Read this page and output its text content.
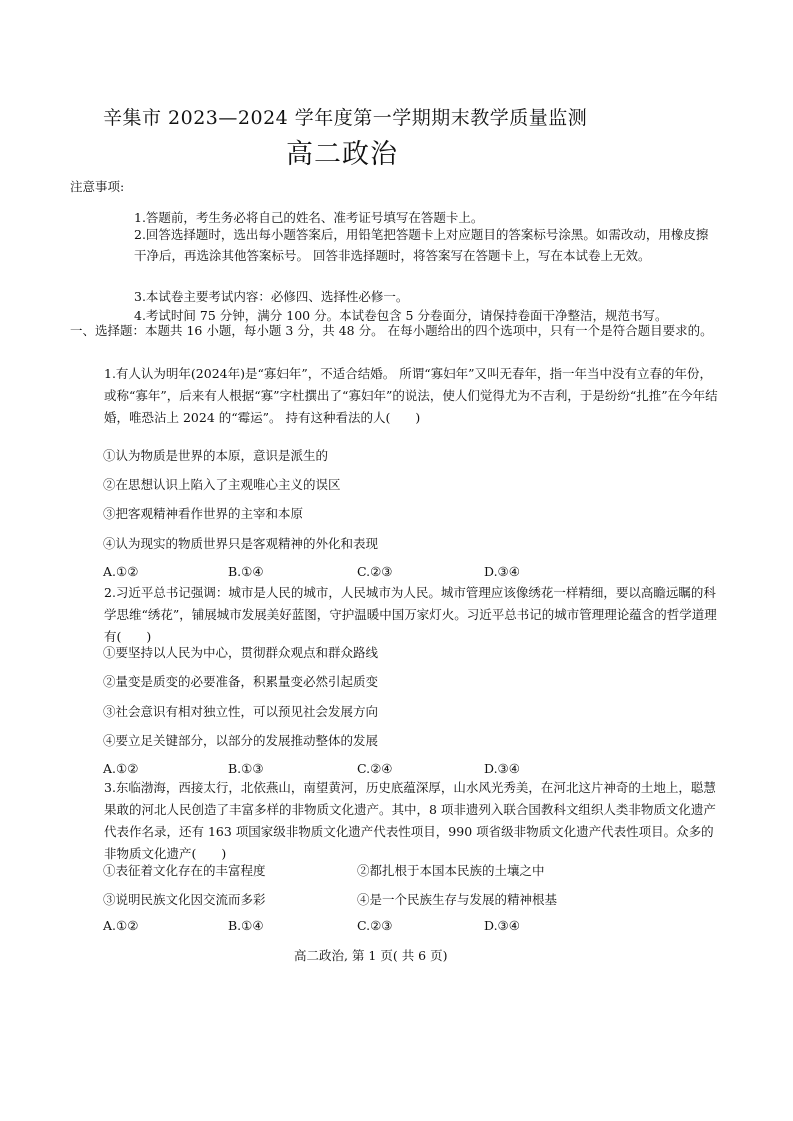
辛集市 2023—2024 学年度第一学期期末教学质量监测
高二政治
注意事项:
1.答题前，考生务必将自己的姓名、准考证号填写在答题卡上。
2.回答选择题时，选出每小题答案后，用铅笔把答题卡上对应题目的答案标号涂黑。如需改动，用橡皮擦干净后，再选涂其他答案标号。 回答非选择题时，将答案写在答题卡上，写在本试卷上无效。
3.本试卷主要考试内容：必修四、选择性必修一。
4.考试时间 75 分钟，满分 100 分。本试卷包含 5 分卷面分，请保持卷面干净整洁，规范书写。
一、选择题：本题共 16 小题，每小题 3 分，共 48 分。 在每小题给出的四个选项中，只有一个是符合题目要求的。
1.有人认为明年(2024年)是“寡妇年”，不适合结婚。 所谓“寡妇年”又叫无春年，指一年当中没有立春的年份，或称“寡年”，后来有人根据“寡”字杜撰出了“寡妇年”的说法，使人们觉得尤为不吉利，于是纷纷“扎推”在今年结婚，唯恐沾上 2024 的“霉运”。 持有这种看法的人(　　)
①认为物质是世界的本原，意识是派生的
②在思想认识上陷入了主观唯心主义的误区
③把客观精神看作世界的主宰和本原
④认为现实的物质世界只是客观精神的外化和表现
A.①②	B.①④	C.②③	D.③④
2.习近平总书记强调：城市是人民的城市，人民城市为人民。城市管理应该像绣花一样精细，要以高瞻远瞩的科学思维“绣花”，铺展城市发展美好蓝图，守护温暖中国万家灯火。习近平总书记的城市管理理论蕴含的哲学道理有(　　)
①要坚持以人民为中心，贯彻群众观点和群众路线
②量变是质变的必要准备，积累量变必然引起质变
③社会意识有相对独立性，可以预见社会发展方向
④要立足关键部分，以部分的发展推动整体的发展
A.①②	B.①③	C.②④	D.③④
3.东临渤海，西接太行，北依燕山，南望黄河，历史底蕴深厚，山水风光秀美，在河北这片神奇的土地上，聪慧果敢的河北人民创造了丰富多样的非物质文化遗产。其中，8 项非遗列入联合国教科文组织人类非物质文化遗产代表作名录，还有 163 项国家级非物质文化遗产代表性项目，990 项省级非物质文化遗产代表性项目。众多的非物质文化遗产(　　)
①表征着文化存在的丰富程度	②都扎根于本国本民族的土壤之中
③说明民族文化因交流而多彩	④是一个民族生存与发展的精神根基
A.①②	B.①④	C.②③	D.③④
高二政治, 第 1 页( 共 6 页)
